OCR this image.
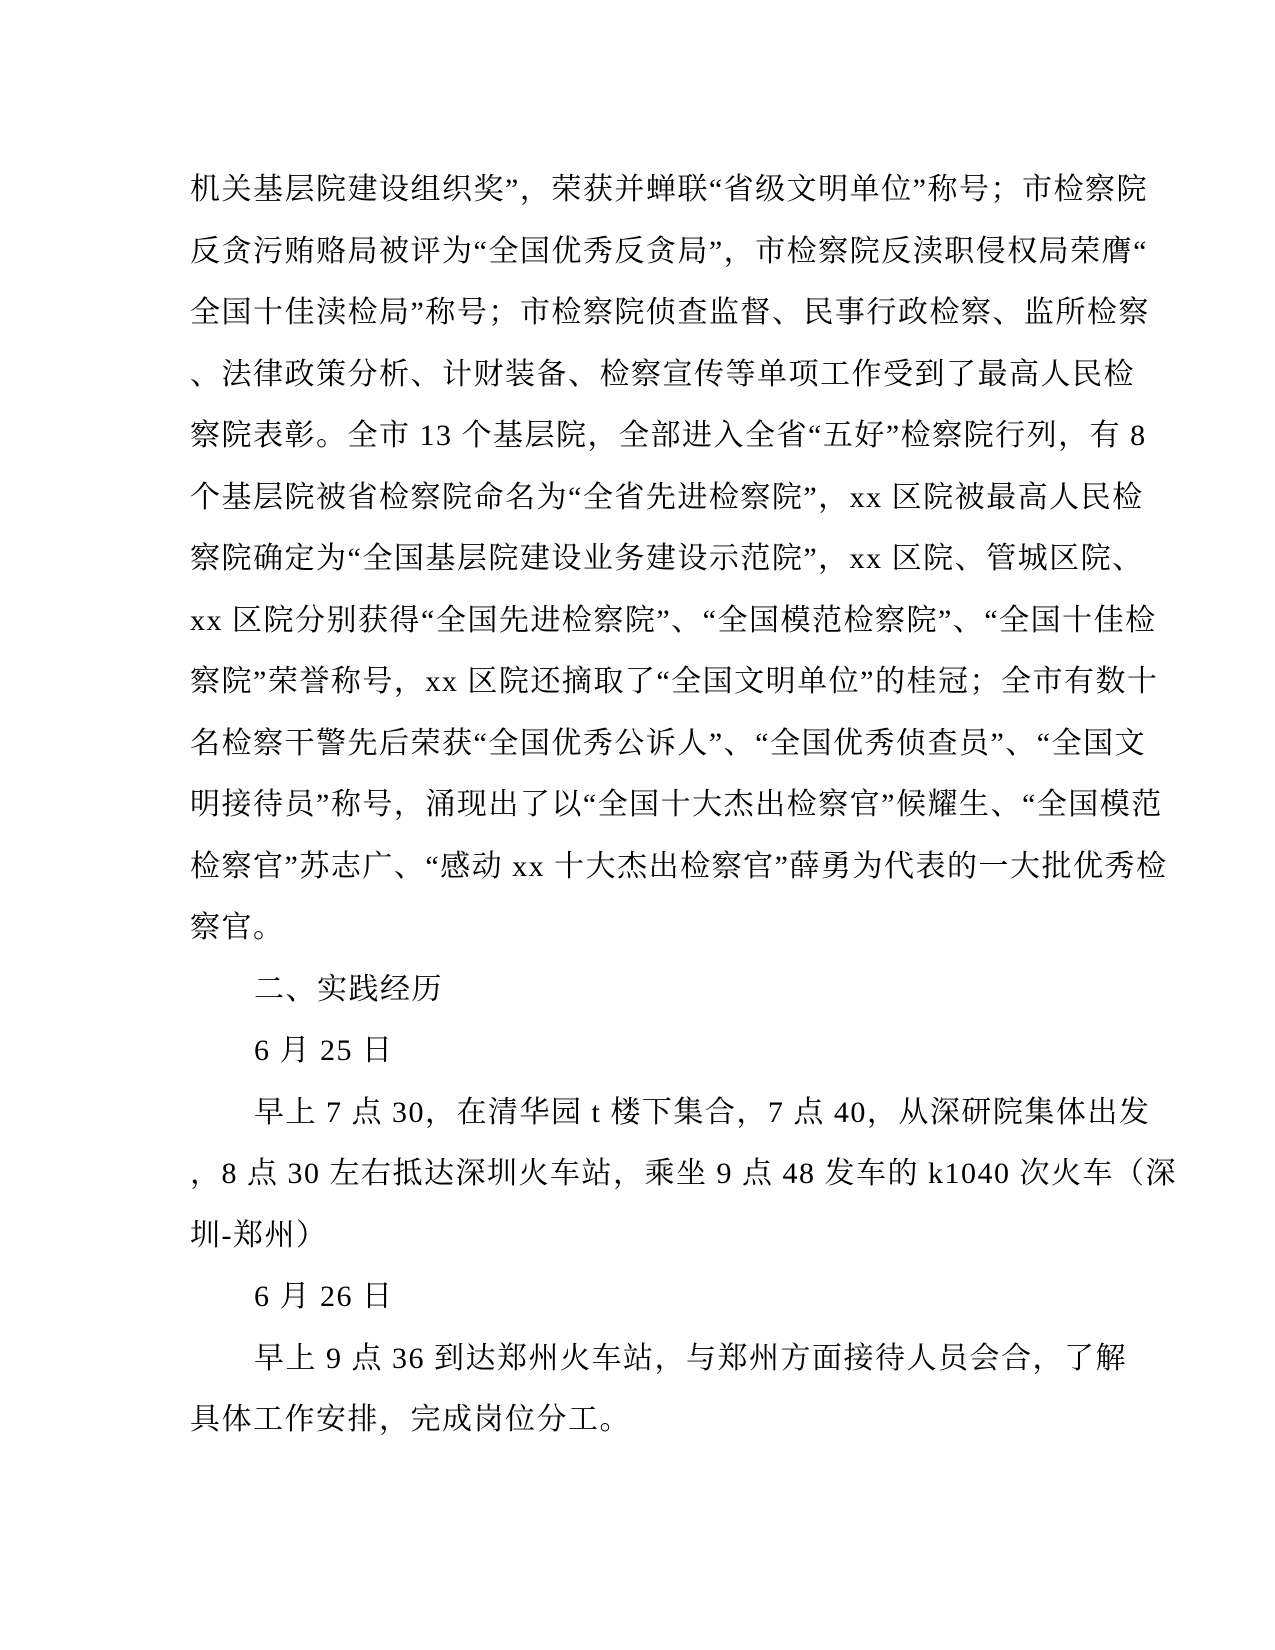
机关基层院建设组织奖”，荣获并蝉联“省级文明单位”称号；市检察院
反贪污贿赂局被评为“全国优秀反贪局”，市检察院反渎职侵权局荣膺“
全国十佳渎检局”称号；市检察院侦查监督、民事行政检察、监所检察
、法律政策分析、计财装备、检察宣传等单项工作受到了最高人民检
察院表彰。全市 13 个基层院，全部进入全省“五好”检察院行列，有 8
个基层院被省检察院命名为“全省先进检察院”，xx 区院被最高人民检
察院确定为“全国基层院建设业务建设示范院”，xx 区院、管城区院、
xx 区院分别获得“全国先进检察院”、“全国模范检察院”、“全国十佳检
察院”荣誉称号，xx 区院还摘取了“全国文明单位”的桂冠；全市有数十
名检察干警先后荣获“全国优秀公诉人”、“全国优秀侦查员”、“全国文
明接待员”称号，涌现出了以“全国十大杰出检察官”候耀生、“全国模范
检察官”苏志广、“感动 xx 十大杰出检察官”薛勇为代表的一大批优秀检
察官。
二、实践经历
6 月 25 日
早上 7 点 30，在清华园 t 楼下集合，7 点 40，从深研院集体出发
，8 点 30 左右抵达深圳火车站，乘坐 9 点 48 发车的 k1040 次火车（深
圳-郑州）
6 月 26 日
早上 9 点 36 到达郑州火车站，与郑州方面接待人员会合，了解
具体工作安排，完成岗位分工。
